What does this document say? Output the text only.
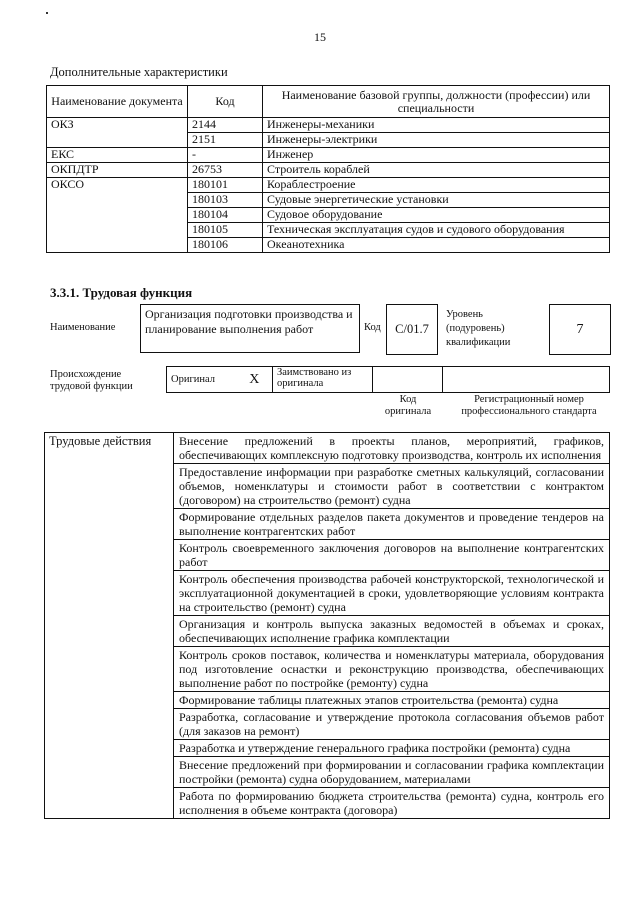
15
Дополнительные характеристики
Наименование документа	Код	Наименование базовой группы, должности (профессии) или специальности
ОКЗ	2144	Инженеры-механики
	2151	Инженеры-электрики
ЕКС	-	Инженер
ОКПДТР	26753	Строитель кораблей
ОКСО	180101	Кораблестроение
	180103	Судовые энергетические установки
	180104	Судовое оборудование
	180105	Техническая эксплуатация судов и судового оборудования
	180106	Океанотехника
3.3.1. Трудовая функция
Наименование
Организация подготовки производства и планирование выполнения работ	Код	С/01.7
Уровень (подуровень) квалификации
7
Происхождение трудовой функции
Оригинал	X	Заимствовано из оригинала		
Код оригинала
Регистрационный номер профессионального стандарта
Трудовые действия	Внесение предложений в проекты планов, мероприятий, графиков, обеспечивающих комплексную подготовку производства, контроль их исполнения
Предоставление информации при разработке сметных калькуляций, согласовании объемов, номенклатуры и стоимости работ в соответствии с контрактом (договором) на строительство (ремонт) судна
Формирование отдельных разделов пакета документов и проведение тендеров на выполнение контрагентских работ
Контроль своевременного заключения договоров на выполнение контрагентских работ
Контроль обеспечения производства рабочей конструкторской, технологической и эксплуатационной документацией в сроки, удовлетворяющие условиям контракта на строительство (ремонт) судна
Организация и контроль выпуска заказных ведомостей в объемах и сроках, обеспечивающих исполнение графика комплектации
Контроль сроков поставок, количества и номенклатуры материала, оборудования под изготовление оснастки и реконструкцию производства, обеспечивающих выполнение работ по постройке (ремонту) судна
Формирование таблицы платежных этапов строительства (ремонта) судна
Разработка, согласование и утверждение протокола согласования объемов работ (для заказов на ремонт)
Разработка и утверждение генерального графика постройки (ремонта) судна
Внесение предложений при формировании и согласовании графика комплектации постройки (ремонта) судна оборудованием, материалами
Работа по формированию бюджета строительства (ремонта) судна, контроль его исполнения в объеме контракта (договора)
